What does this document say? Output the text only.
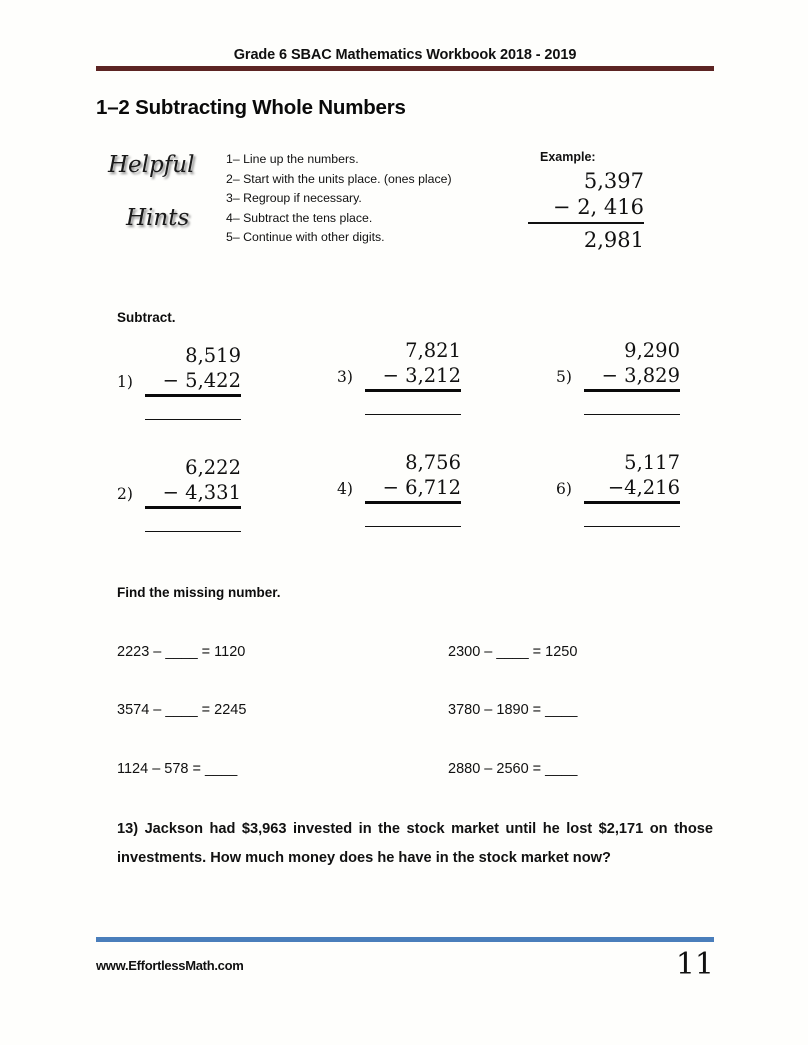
Grade 6 SBAC Mathematics Workbook 2018 - 2019
1–2 Subtracting Whole Numbers
Helpful
Hints
1– Line up the numbers.
2– Start with the units place. (ones place)
3– Regroup if necessary.
4– Subtract the tens place.
5– Continue with other digits.
Example:
5,397
− 2, 416
2,981
Subtract.
1)
8,519
− 5,422
2)
6,222
− 4,331
3)
7,821
− 3,212
4)
8,756
− 6,712
5)
9,290
− 3,829
6)
5,117
−4,216
Find the missing number.
2223 – ____ = 1120
3574 – ____ = 2245
1124 – 578 = ____
2300 – ____ = 1250
3780 – 1890 = ____
2880 – 2560 = ____
13) Jackson had $3,963 invested in the stock market until he lost $2,171 on those investments. How much money does he have in the stock market now?
www.EffortlessMath.com	11
